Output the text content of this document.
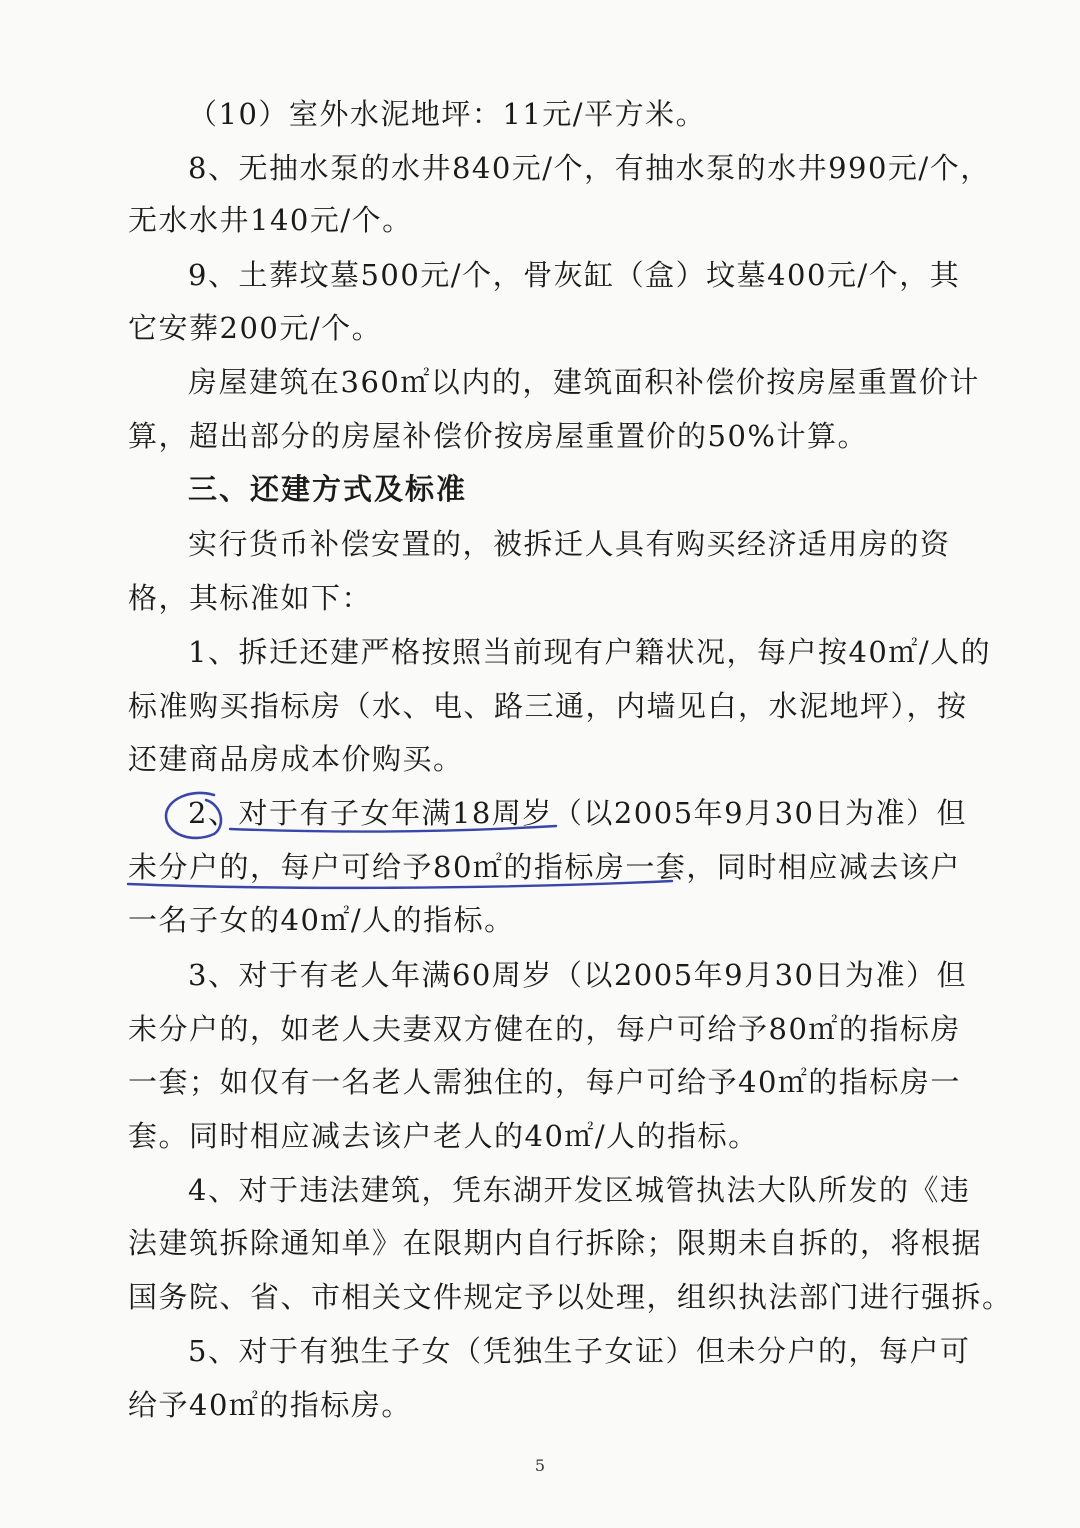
（10）室外水泥地坪：11元/平方米。
8、无抽水泵的水井840元/个，有抽水泵的水井990元/个，
无水水井140元/个。
9、土葬坟墓500元/个，骨灰缸（盒）坟墓400元/个，其
它安葬200元/个。
房屋建筑在360㎡以内的，建筑面积补偿价按房屋重置价计
算，超出部分的房屋补偿价按房屋重置价的50%计算。
三、还建方式及标准
实行货币补偿安置的，被拆迁人具有购买经济适用房的资
格，其标准如下：
1、拆迁还建严格按照当前现有户籍状况，每户按40㎡/人的
标准购买指标房（水、电、路三通，内墙见白，水泥地坪），按
还建商品房成本价购买。
2、对于有子女年满18周岁（以2005年9月30日为准）但
未分户的，每户可给予80㎡的指标房一套，同时相应减去该户
一名子女的40㎡/人的指标。
3、对于有老人年满60周岁（以2005年9月30日为准）但
未分户的，如老人夫妻双方健在的，每户可给予80㎡的指标房
一套；如仅有一名老人需独住的，每户可给予40㎡的指标房一
套。同时相应减去该户老人的40㎡/人的指标。
4、对于违法建筑，凭东湖开发区城管执法大队所发的《违
法建筑拆除通知单》在限期内自行拆除；限期未自拆的，将根据
国务院、省、市相关文件规定予以处理，组织执法部门进行强拆。
5、对于有独生子女（凭独生子女证）但未分户的，每户可
给予40㎡的指标房。
5
